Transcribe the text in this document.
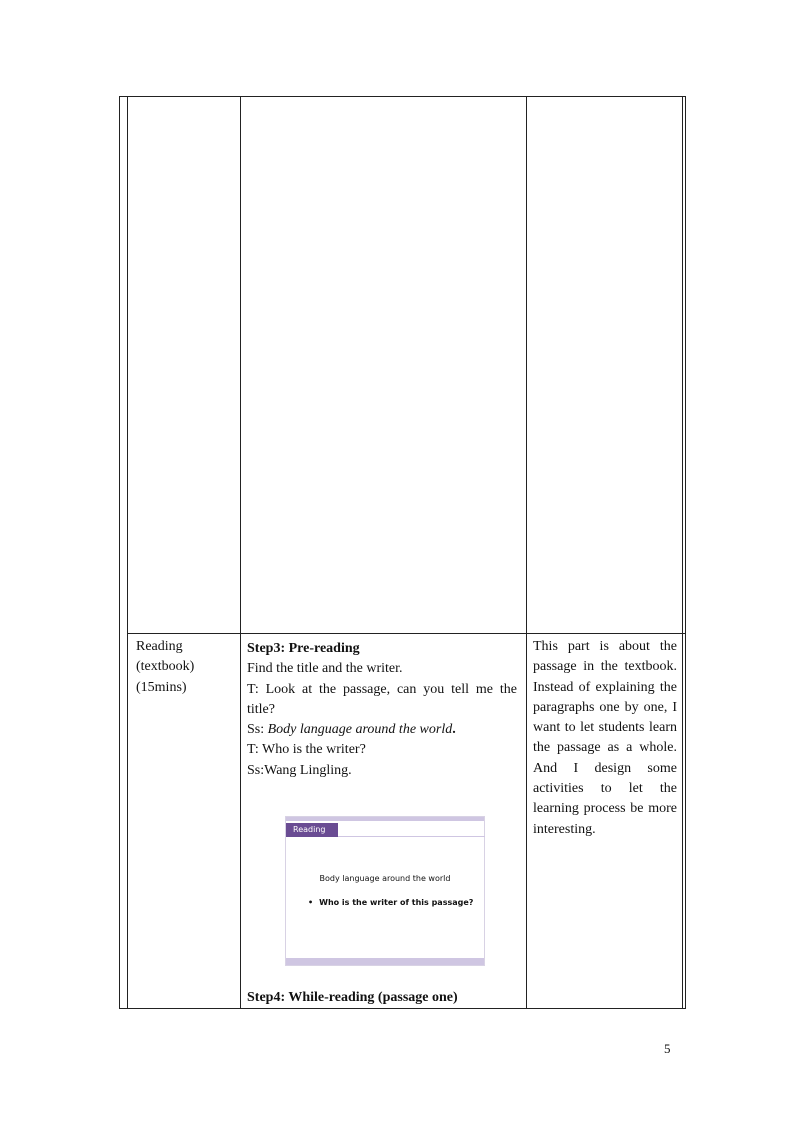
Reading

(textbook)

(15mins)

Step3: Pre-reading

Find the title and the writer.

T: Look at the passage, can you tell me the title?

Ss: Body language around the world.

T: Who is the writer?

Ss:Wang Lingling.

Step4: While-reading (passage one)

This part is about the passage in the textbook. Instead of explaining the paragraphs one by one, I want to let students learn the passage as a whole. And I design some activities to let the learning process be more interesting.

Reading
Body language around the world
• Who is the writer of this passage?
5
